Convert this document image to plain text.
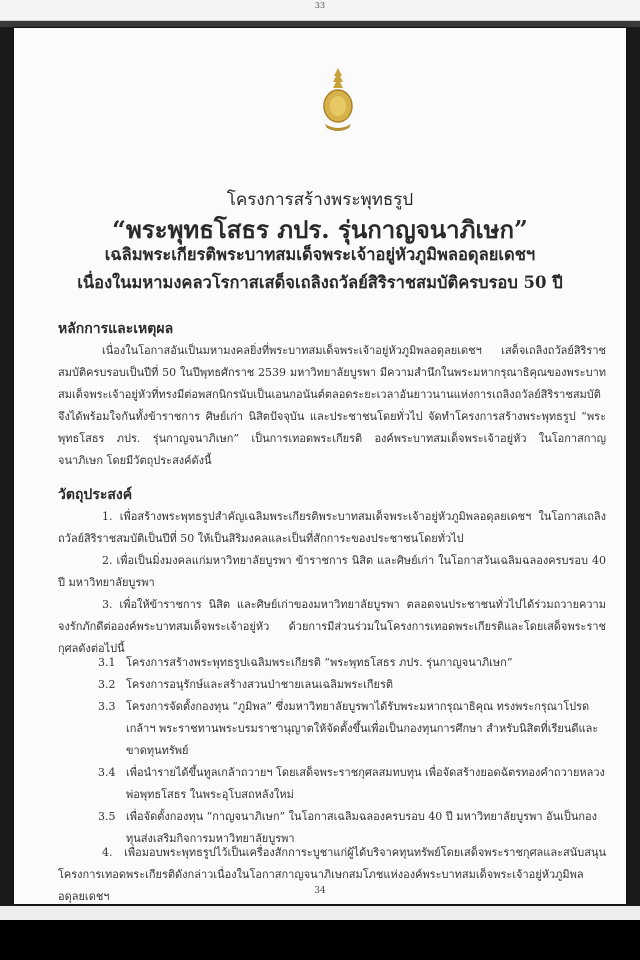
33
โครงการสร้างพระพุทธรูป
“พระพุทธโสธร ภปร. รุ่นกาญจนาภิเษก”
เฉลิมพระเกียรติพระบาทสมเด็จพระเจ้าอยู่หัวภูมิพลอดุลยเดชฯ
เนื่องในมหามงคลวโรกาสเสด็จเถลิงถวัลย์สิริราชสมบัติครบรอบ 50 ปี
หลักการและเหตุผล
เนื่องในโอกาสอันเป็นมหามงคลยิ่งที่พระบาทสมเด็จพระเจ้าอยู่หัวภูมิพลอดุลยเดชฯ เสด็จเถลิงถวัลย์สิริราชสมบัติครบรอบเป็นปีที่ 50 ในปีพุทธศักราช 2539 มหาวิทยาลัยบูรพา มีความสำนึกในพระมหากรุณาธิคุณของพระบาทสมเด็จพระเจ้าอยู่หัวที่ทรงมีต่อพสกนิกรนับเป็นเอนกอนันต์ตลอดระยะเวลาอันยาวนานแห่งการเถลิงถวัลย์สิริราชสมบัติ จึงได้พร้อมใจกันทั้งข้าราชการ ศิษย์เก่า นิสิตปัจจุบัน และประชาชนโดยทั่วไป จัดทำโครงการสร้างพระพุทธรูป “พระพุทธโสธร ภปร. รุ่นกาญจนาภิเษก” เป็นการเทอดพระเกียรติ องค์พระบาทสมเด็จพระเจ้าอยู่หัว ในโอกาสกาญจนาภิเษก โดยมีวัตถุประสงค์ดังนี้
วัตถุประสงค์
1. เพื่อสร้างพระพุทธรูปสำคัญเฉลิมพระเกียรติพระบาทสมเด็จพระเจ้าอยู่หัวภูมิพลอดุลยเดชฯ ในโอกาสเถลิงถวัลย์สิริราชสมบัติเป็นปีที่ 50 ให้เป็นสิริมงคลและเป็นที่สักการะของประชาชนโดยทั่วไป
2. เพื่อเป็นมิ่งมงคลแก่มหาวิทยาลัยบูรพา ข้าราชการ นิสิต และศิษย์เก่า ในโอกาสวันเฉลิมฉลองครบรอบ 40 ปี มหาวิทยาลัยบูรพา
3. เพื่อให้ข้าราชการ นิสิต และศิษย์เก่าของมหาวิทยาลัยบูรพา ตลอดจนประชาชนทั่วไปได้ร่วมถวายความจงรักภักดีต่อองค์พระบาทสมเด็จพระเจ้าอยู่หัว ด้วยการมีส่วนร่วมในโครงการเทอดพระเกียรติและโดยเสด็จพระราชกุศลดังต่อไปนี้
3.1 โครงการสร้างพระพุทธรูปเฉลิมพระเกียรติ “พระพุทธโสธร ภปร. รุ่นกาญจนาภิเษก”
3.2 โครงการอนุรักษ์และสร้างสวนป่าชายเลนเฉลิมพระเกียรติ
3.3 โครงการจัดตั้งกองทุน “ภูมิพล” ซึ่งมหาวิทยาลัยบูรพาได้รับพระมหากรุณาธิคุณ ทรงพระกรุณาโปรดเกล้าฯ พระราชทานพระบรมราชานุญาตให้จัดตั้งขึ้นเพื่อเป็นกองทุนการศึกษา สำหรับนิสิตที่เรียนดีและขาดทุนทรัพย์
3.4 เพื่อนำรายได้ขึ้นทูลเกล้าถวายฯ โดยเสด็จพระราชกุศลสมทบทุน เพื่อจัดสร้างยอดฉัตรทองคำถวายหลวงพ่อพุทธโสธร ในพระอุโบสถหลังใหม่
3.5 เพื่อจัดตั้งกองทุน “กาญจนาภิเษก” ในโอกาสเฉลิมฉลองครบรอบ 40 ปี มหาวิทยาลัยบูรพา อันเป็นกองทุนส่งเสริมกิจการมหาวิทยาลัยบูรพา
4. เพื่อมอบพระพุทธรูปไว้เป็นเครื่องสักการะบูชาแก่ผู้ได้บริจาคทุนทรัพย์โดยเสด็จพระราชกุศลและสนับสนุนโครงการเทอดพระเกียรติดังกล่าวเนื่องในโอกาสกาญจนาภิเษกสมโภชแห่งองค์พระบาทสมเด็จพระเจ้าอยู่หัวภูมิพลอดุลยเดชฯ	34
